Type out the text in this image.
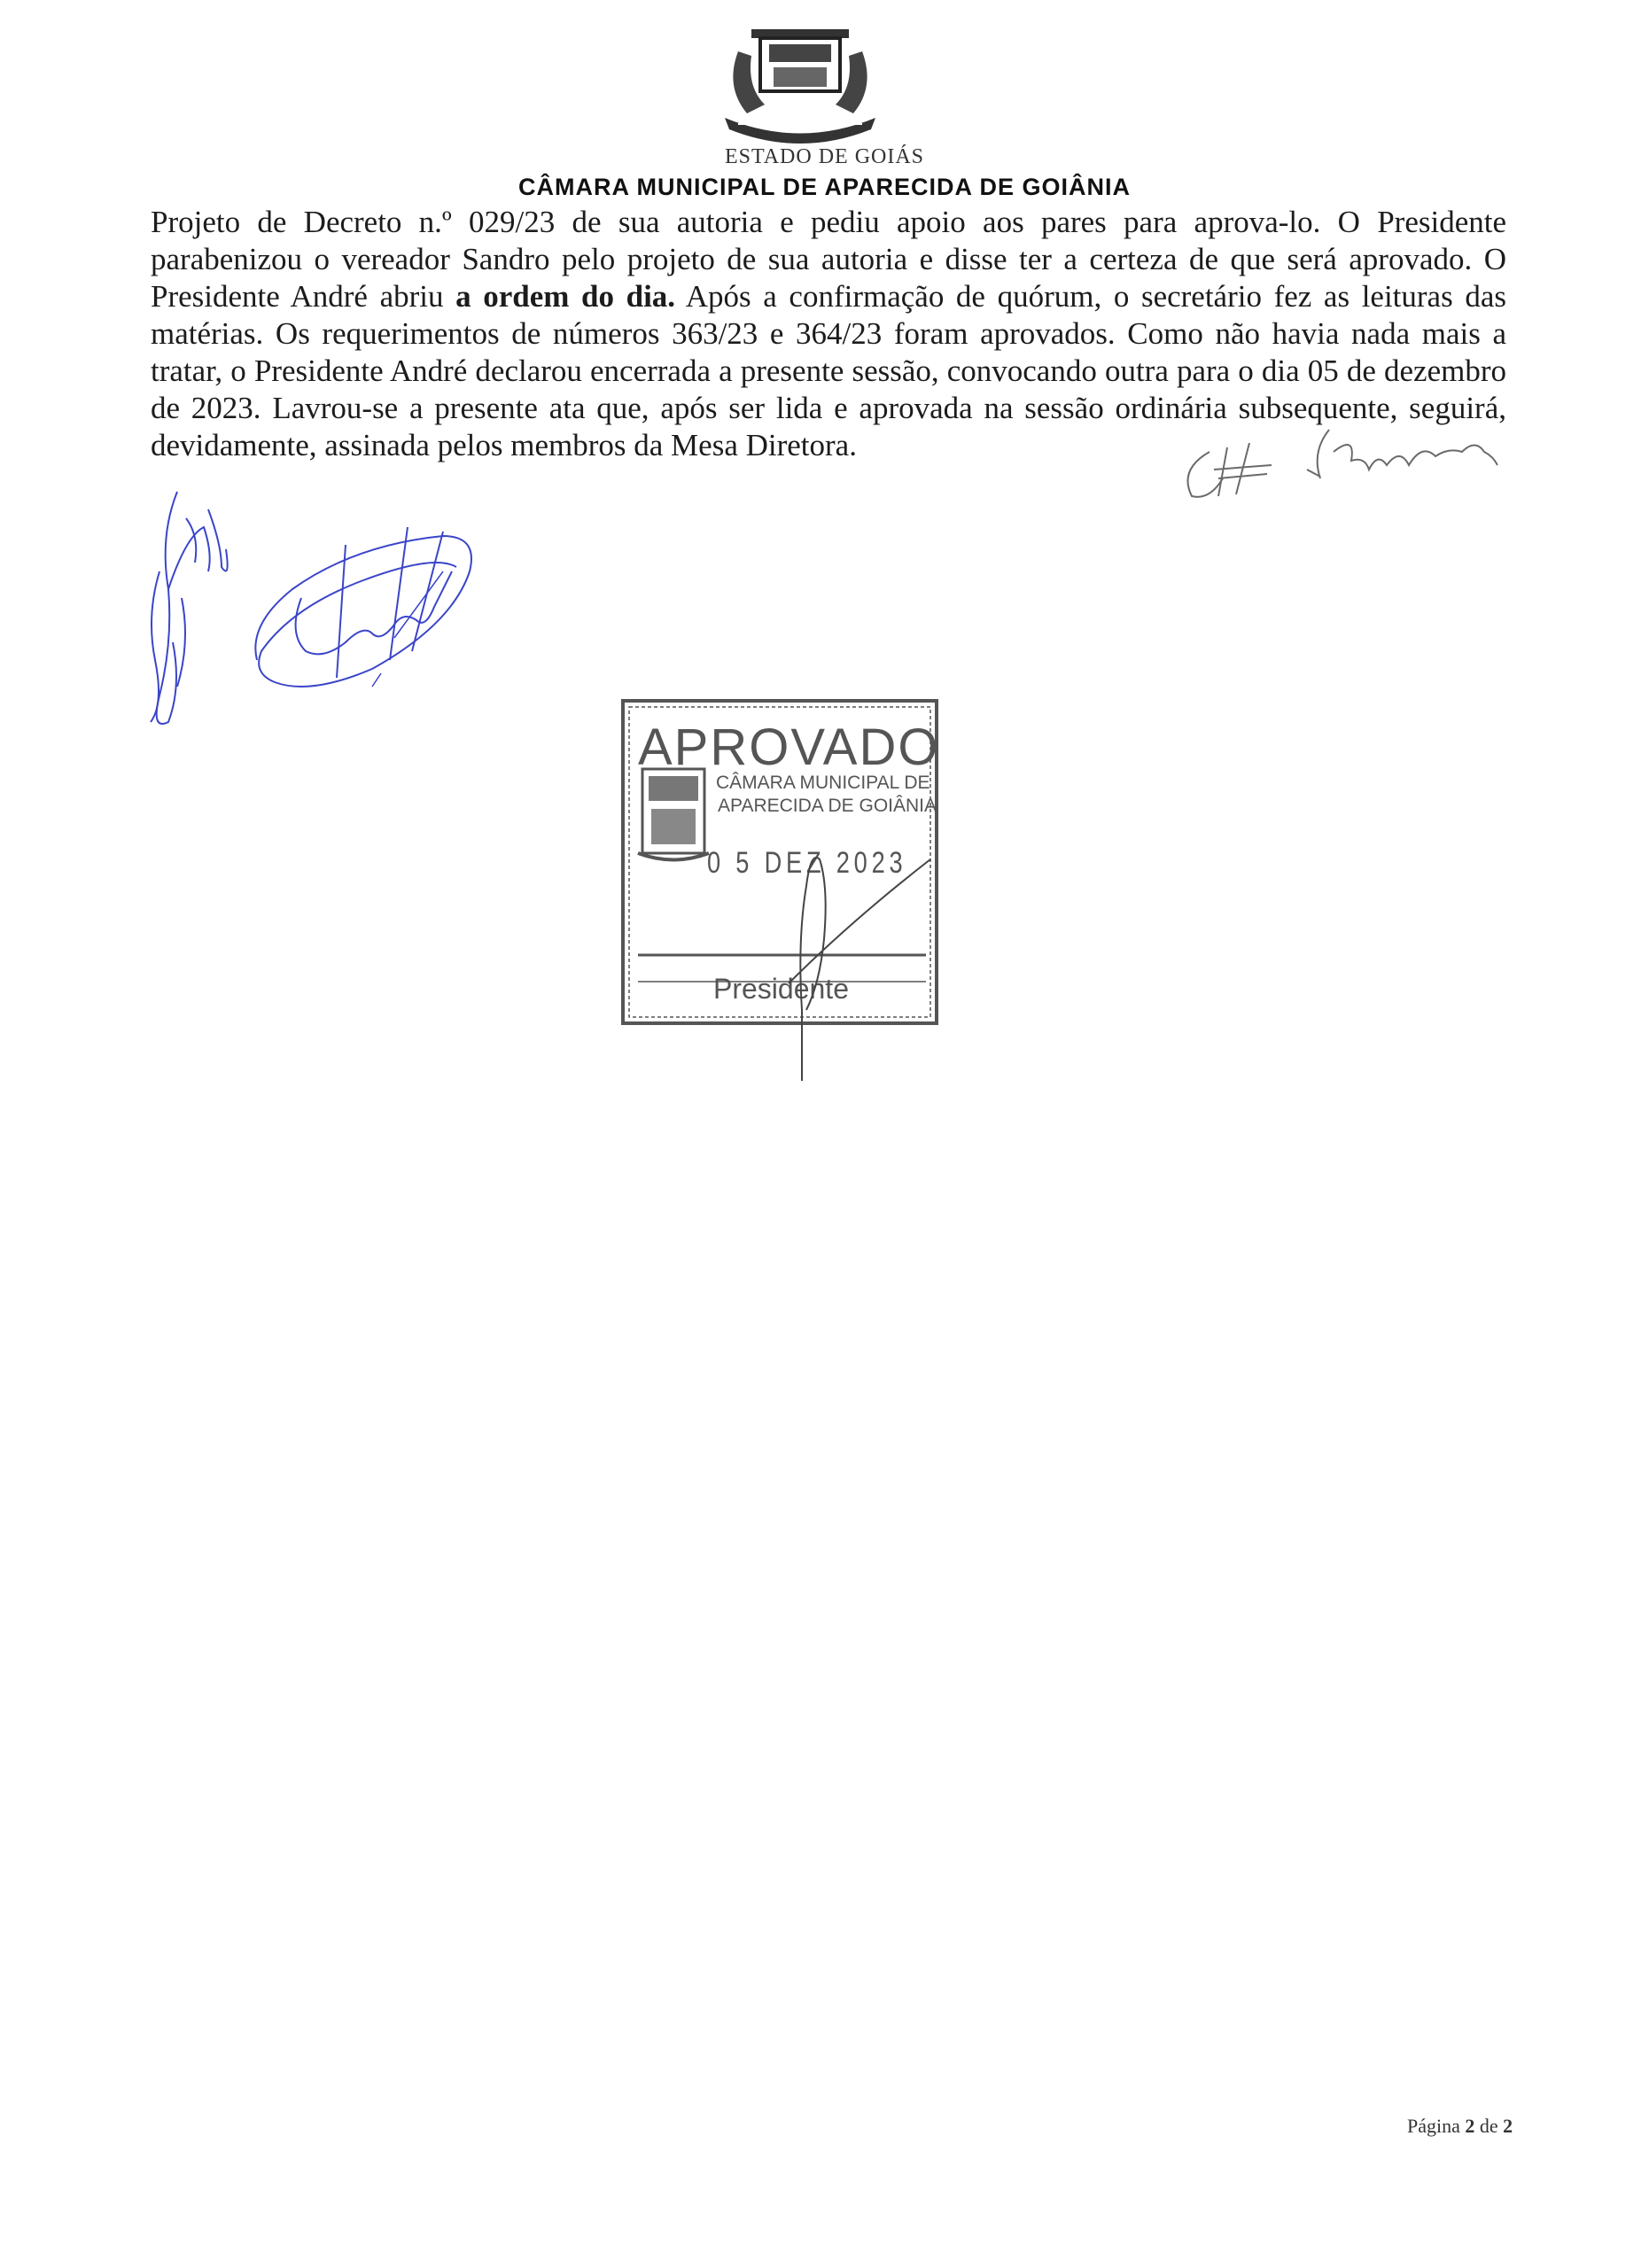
ESTADO DE GOIÁS
CÂMARA MUNICIPAL DE APARECIDA DE GOIÂNIA
Projeto de Decreto n.º 029/23 de sua autoria e pediu apoio aos pares para aprova-lo. O Presidente parabenizou o vereador Sandro pelo projeto de sua autoria e disse ter a certeza de que será aprovado. O Presidente André abriu a ordem do dia. Após a confirmação de quórum, o secretário fez as leituras das matérias. Os requerimentos de números 363/23 e 364/23 foram aprovados. Como não havia nada mais a tratar, o Presidente André declarou encerrada a presente sessão, convocando outra para o dia 05 de dezembro de 2023. Lavrou-se a presente ata que, após ser lida e aprovada na sessão ordinária subsequente, seguirá, devidamente, assinada pelos membros da Mesa Diretora.
APROVADO
CÂMARA MUNICIPAL DE
APARECIDA DE GOIÂNIA
0 5 DEZ 2023
Presidente
Página 2 de 2
